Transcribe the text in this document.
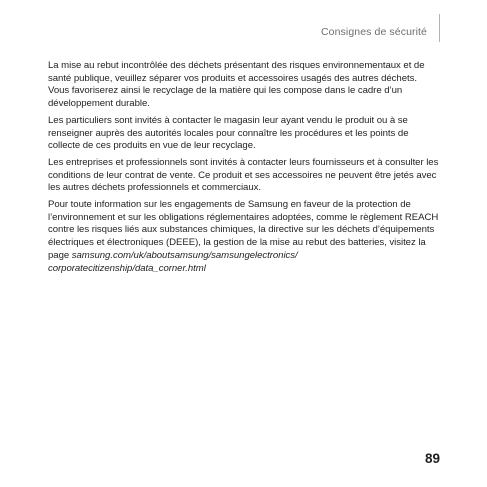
Consignes de sécurité

La mise au rebut incontrôlée des déchets présentant des risques environnementaux et de santé publique, veuillez séparer vos produits et accessoires usagés des autres déchets. Vous favoriserez ainsi le recyclage de la matière qui les compose dans le cadre d’un développement durable.

Les particuliers sont invités à contacter le magasin leur ayant vendu le produit ou à se renseigner auprès des autorités locales pour connaître les procédures et les points de collecte de ces produits en vue de leur recyclage.

Les entreprises et professionnels sont invités à contacter leurs fournisseurs et à consulter les conditions de leur contrat de vente. Ce produit et ses accessoires ne peuvent être jetés avec les autres déchets professionnels et commerciaux.

Pour toute information sur les engagements de Samsung en faveur de la protection de l’environnement et sur les obligations réglementaires adoptées, comme le règlement REACH contre les risques liés aux substances chimiques, la directive sur les déchets d’équipements électriques et électroniques (DEEE), la gestion de la mise au rebut des batteries, visitez la page samsung.com/uk/aboutsamsung/samsungelectronics/ corporatecitizenship/data_corner.html

89
